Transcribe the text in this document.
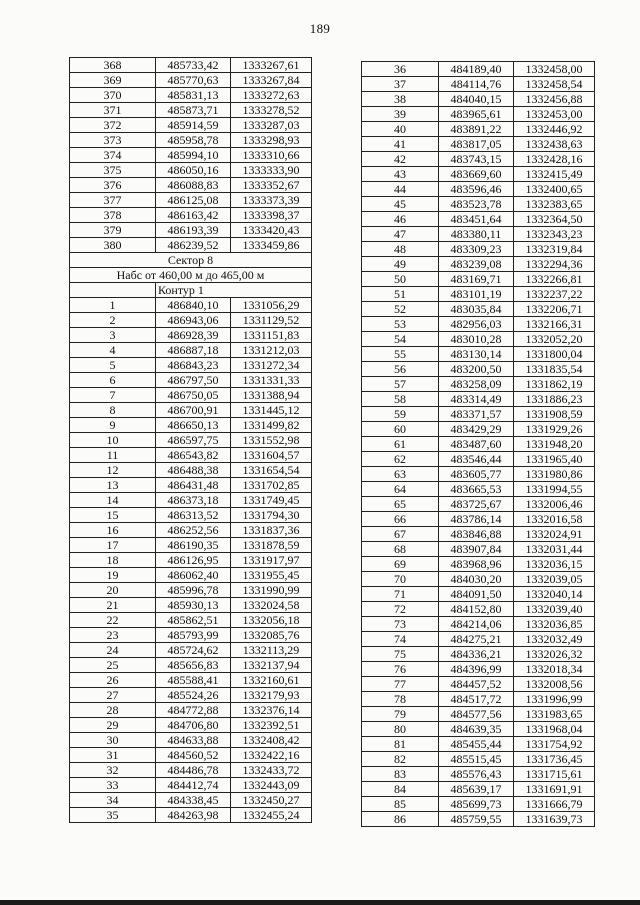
189
368	485733,42	1333267,61
369	485770,63	1333267,84
370	485831,13	1333272,63
371	485873,71	1333278,52
372	485914,59	1333287,03
373	485958,78	1333298,93
374	485994,10	1333310,66
375	486050,16	1333333,90
376	486088,83	1333352,67
377	486125,08	1333373,39
378	486163,42	1333398,37
379	486193,39	1333420,43
380	486239,52	1333459,86
Сектор 8		
Набс от 460,00 м до 465,00 м		
	Контур 1	
1	486840,10	1331056,29
2	486943,06	1331129,52
3	486928,39	1331151,83
4	486887,18	1331212,03
5	486843,23	1331272,34
6	486797,50	1331331,33
7	486750,05	1331388,94
8	486700,91	1331445,12
9	486650,13	1331499,82
10	486597,75	1331552,98
11	486543,82	1331604,57
12	486488,38	1331654,54
13	486431,48	1331702,85
14	486373,18	1331749,45
15	486313,52	1331794,30
16	486252,56	1331837,36
17	486190,35	1331878,59
18	486126,95	1331917,97
19	486062,40	1331955,45
20	485996,78	1331990,99
21	485930,13	1332024,58
22	485862,51	1332056,18
23	485793,99	1332085,76
24	485724,62	1332113,29
25	485656,83	1332137,94
26	485588,41	1332160,61
27	485524,26	1332179,93
28	484772,88	1332376,14
29	484706,80	1332392,51
30	484633,88	1332408,42
31	484560,52	1332422,16
32	484486,78	1332433,72
33	484412,74	1332443,09
34	484338,45	1332450,27
35	484263,98	1332455,24
36	484189,40	1332458,00
37	484114,76	1332458,54
38	484040,15	1332456,88
39	483965,61	1332453,00
40	483891,22	1332446,92
41	483817,05	1332438,63
42	483743,15	1332428,16
43	483669,60	1332415,49
44	483596,46	1332400,65
45	483523,78	1332383,65
46	483451,64	1332364,50
47	483380,11	1332343,23
48	483309,23	1332319,84
49	483239,08	1332294,36
50	483169,71	1332266,81
51	483101,19	1332237,22
52	483035,84	1332206,71
53	482956,03	1332166,31
54	483010,28	1332052,20
55	483130,14	1331800,04
56	483200,50	1331835,54
57	483258,09	1331862,19
58	483314,49	1331886,23
59	483371,57	1331908,59
60	483429,29	1331929,26
61	483487,60	1331948,20
62	483546,44	1331965,40
63	483605,77	1331980,86
64	483665,53	1331994,55
65	483725,67	1332006,46
66	483786,14	1332016,58
67	483846,88	1332024,91
68	483907,84	1332031,44
69	483968,96	1332036,15
70	484030,20	1332039,05
71	484091,50	1332040,14
72	484152,80	1332039,40
73	484214,06	1332036,85
74	484275,21	1332032,49
75	484336,21	1332026,32
76	484396,99	1332018,34
77	484457,52	1332008,56
78	484517,72	1331996,99
79	484577,56	1331983,65
80	484639,35	1331968,04
81	485455,44	1331754,92
82	485515,45	1331736,45
83	485576,43	1331715,61
84	485639,17	1331691,91
85	485699,73	1331666,79
86	485759,55	1331639,73
